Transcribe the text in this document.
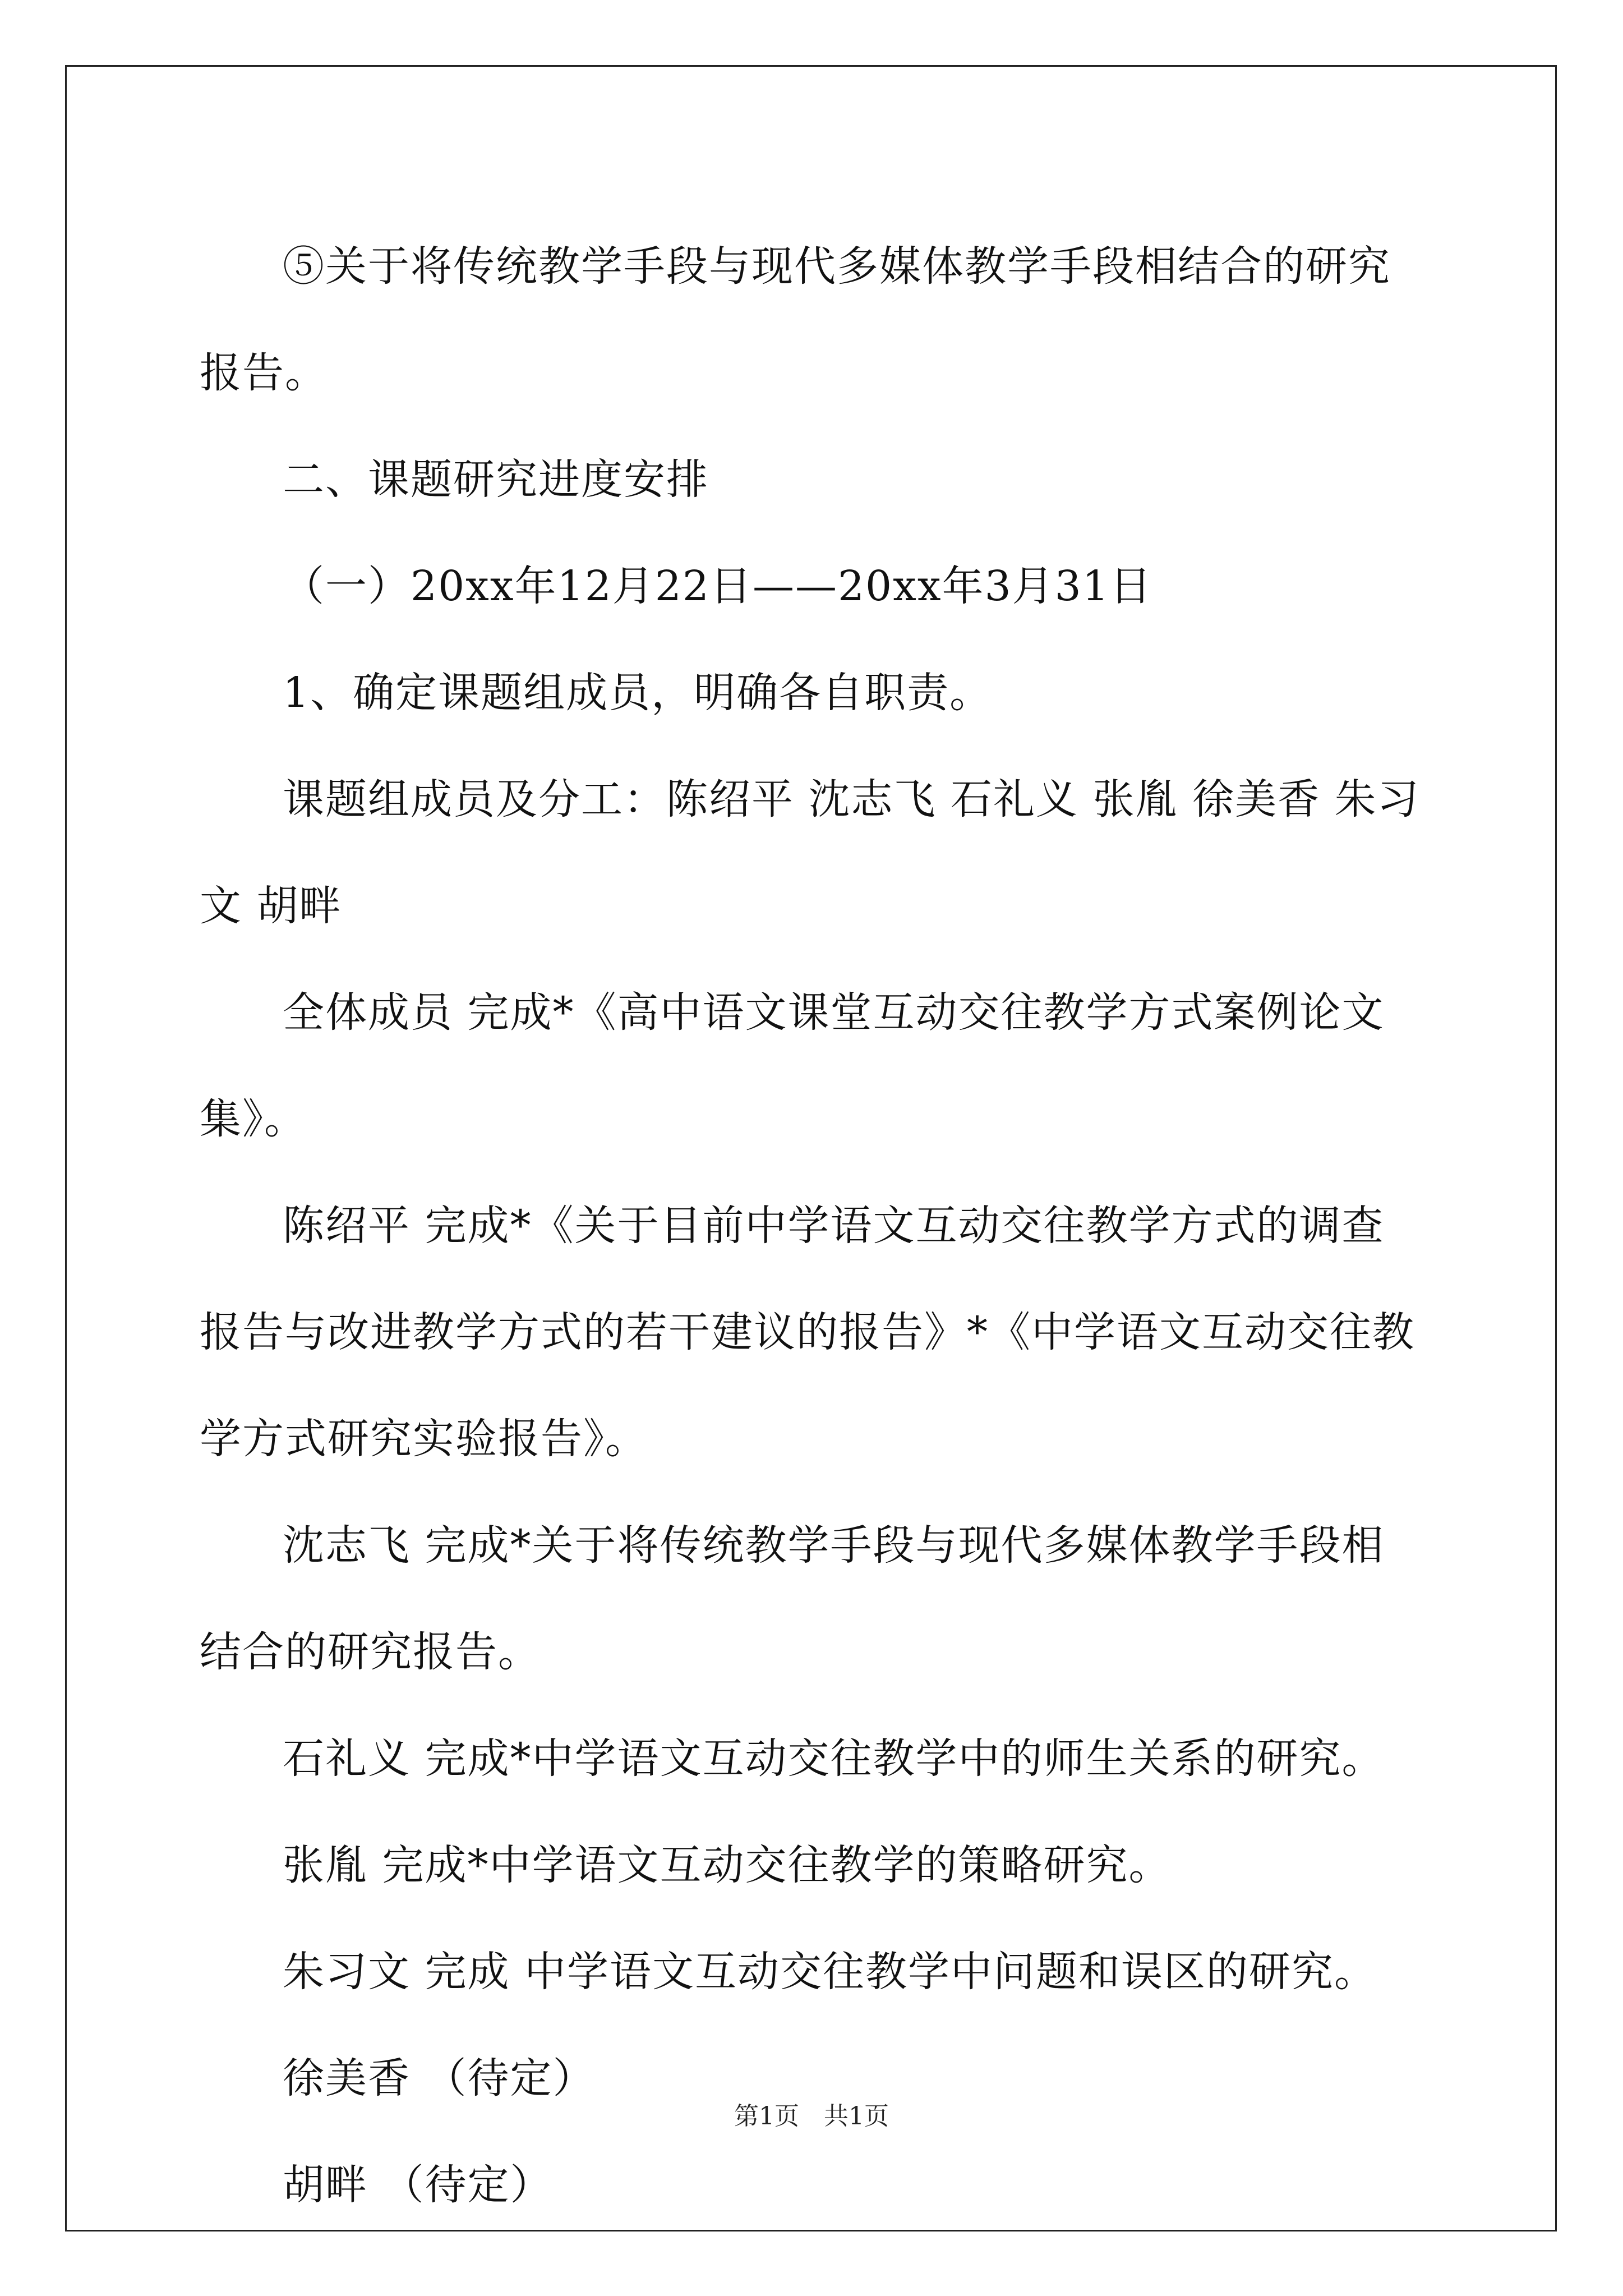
⑤关于将传统教学手段与现代多媒体教学手段相结合的研究报告。

二、课题研究进度安排

（一）20xx年12月22日——20xx年3月31日

1、确定课题组成员，明确各自职责。

课题组成员及分工：陈绍平 沈志飞 石礼义 张胤 徐美香 朱习文 胡畔

全体成员 完成*《高中语文课堂互动交往教学方式案例论文集》。

陈绍平 完成*《关于目前中学语文互动交往教学方式的调查报告与改进教学方式的若干建议的报告》*《中学语文互动交往教学方式研究实验报告》。

沈志飞 完成*关于将传统教学手段与现代多媒体教学手段相结合的研究报告。

石礼义 完成*中学语文互动交往教学中的师生关系的研究。

张胤 完成*中学语文互动交往教学的策略研究。

朱习文 完成 中学语文互动交往教学中问题和误区的研究。

徐美香 （待定）

胡畔 （待定）

第1页　共1页
